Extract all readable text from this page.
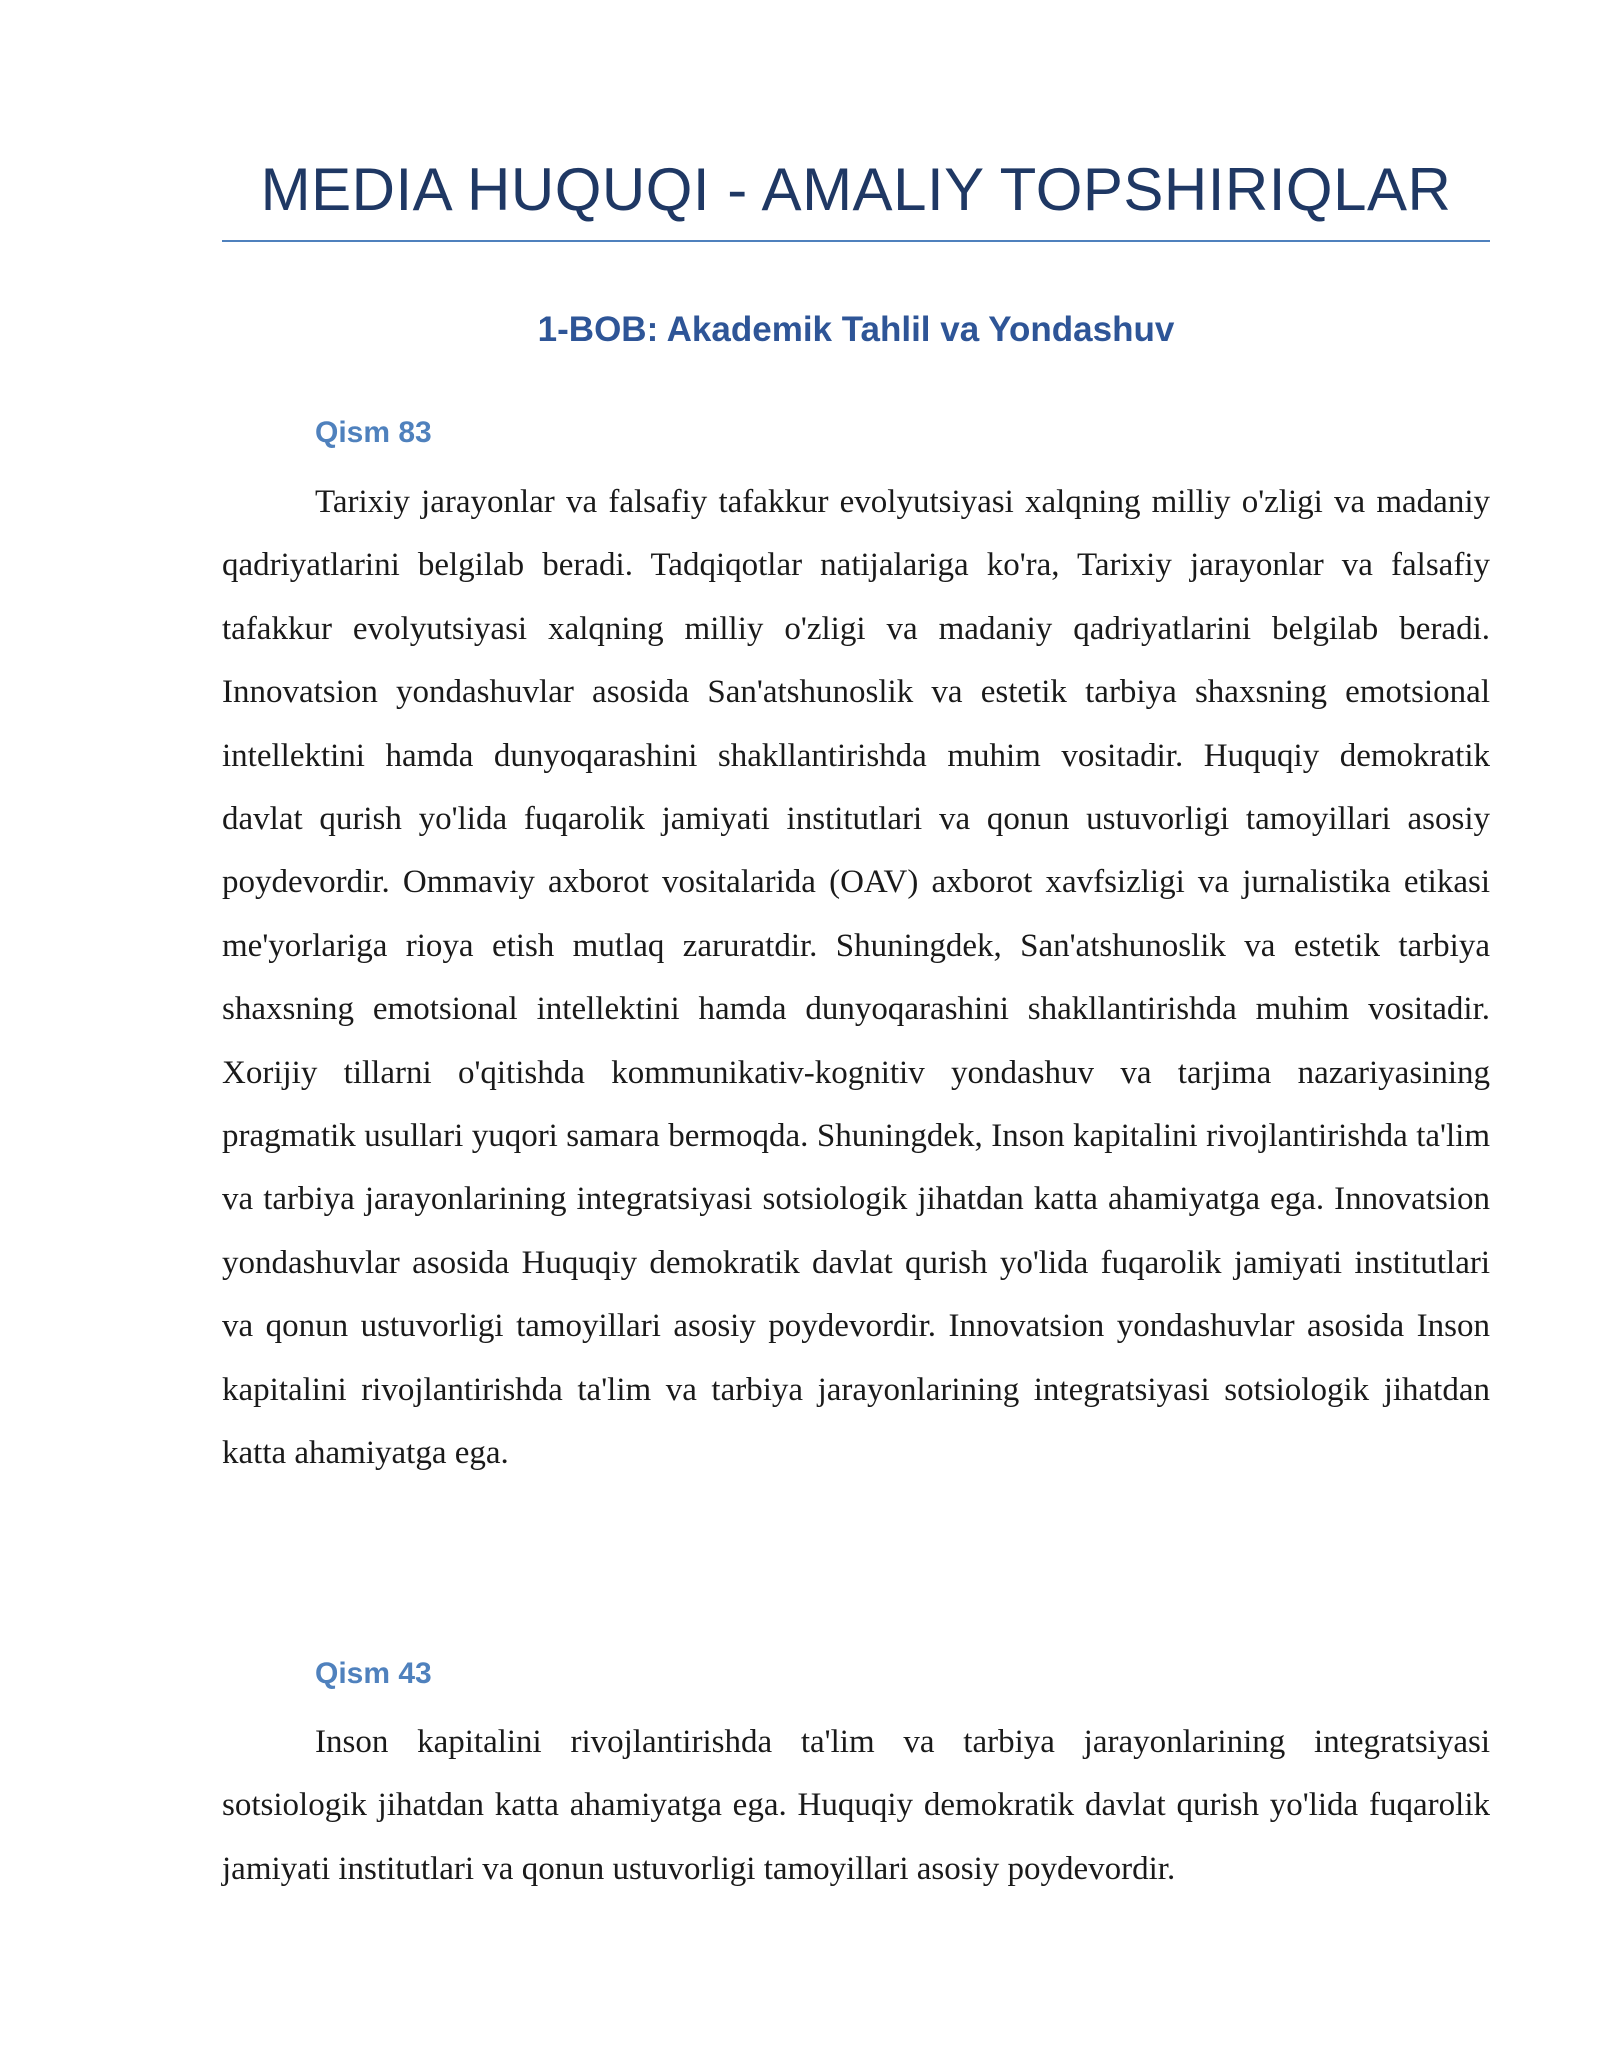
MEDIA HUQUQI - AMALIY TOPSHIRIQLAR
1-BOB: Akademik Tahlil va Yondashuv
Qism 83

Tarixiy jarayonlar va falsafiy tafakkur evolyutsiyasi xalqning milliy o'zligi va madaniy qadriyatlarini belgilab beradi. Tadqiqotlar natijalariga ko'ra, Tarixiy jarayonlar va falsafiy tafakkur evolyutsiyasi xalqning milliy o'zligi va madaniy qadriyatlarini belgilab beradi. Innovatsion yondashuvlar asosida San'atshunoslik va estetik tarbiya shaxsning emotsional intellektini hamda dunyoqarashini shakllantirishda muhim vositadir. Huquqiy demokratik davlat qurish yo'lida fuqarolik jamiyati institutlari va qonun ustuvorligi tamoyillari asosiy poydevordir. Ommaviy axborot vositalarida (OAV) axborot xavfsizligi va jurnalistika etikasi me'yorlariga rioya etish mutlaq zaruratdir. Shuningdek, San'atshunoslik va estetik tarbiya shaxsning emotsional intellektini hamda dunyoqarashini shakllantirishda muhim vositadir. Xorijiy tillarni o'qitishda kommunikativ-kognitiv yondashuv va tarjima nazariyasining pragmatik usullari yuqori samara bermoqda. Shuningdek, Inson kapitalini rivojlantirishda ta'lim va tarbiya jarayonlarining integratsiyasi sotsiologik jihatdan katta ahamiyatga ega. Innovatsion yondashuvlar asosida Huquqiy demokratik davlat qurish yo'lida fuqarolik jamiyati institutlari va qonun ustuvorligi tamoyillari asosiy poydevordir. Innovatsion yondashuvlar asosida Inson kapitalini rivojlantirishda ta'lim va tarbiya jarayonlarining integratsiyasi sotsiologik jihatdan katta ahamiyatga ega.

Qism 43

Inson kapitalini rivojlantirishda ta'lim va tarbiya jarayonlarining integratsiyasi sotsiologik jihatdan katta ahamiyatga ega. Huquqiy demokratik davlat qurish yo'lida fuqarolik jamiyati institutlari va qonun ustuvorligi tamoyillari asosiy poydevordir.
